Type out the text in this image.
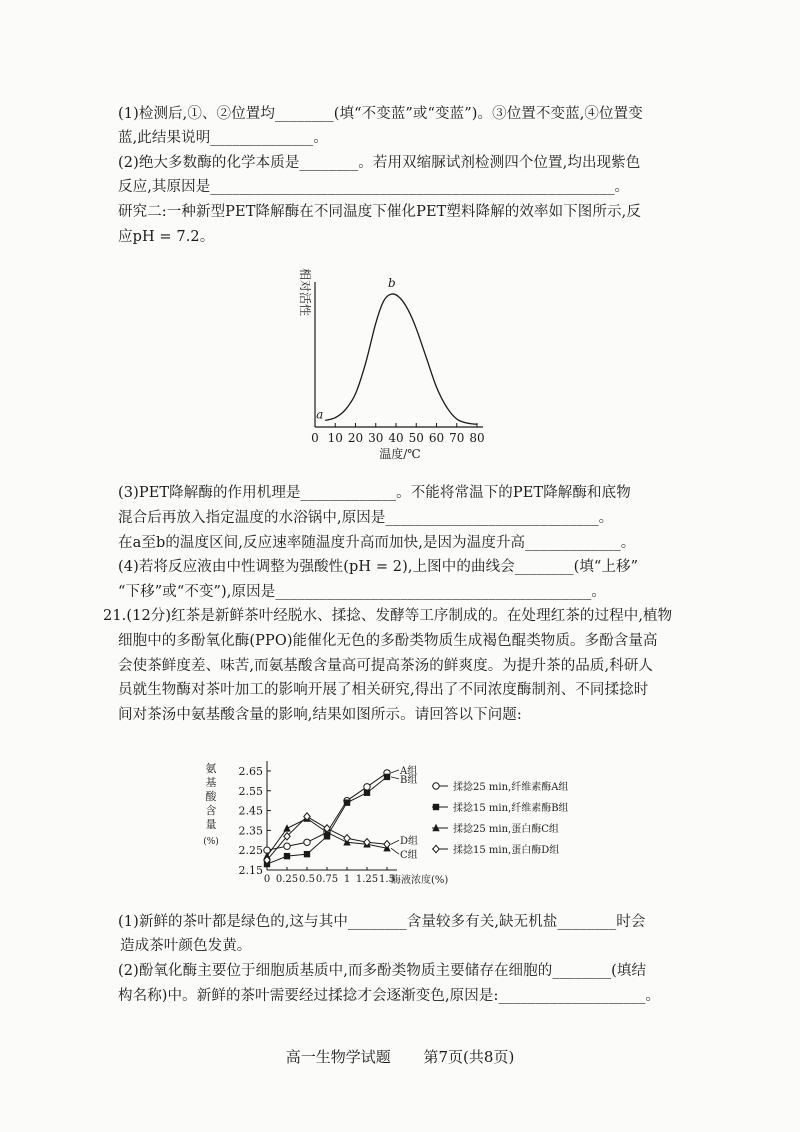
(1)检测后,①、②位置均________(填“不变蓝”或“变蓝”)。③位置不变蓝,④位置变
蓝,此结果说明______________。
(2)绝大多数酶的化学本质是________。若用双缩脲试剂检测四个位置,均出现紫色
反应,其原因是_______________________________________________________。
研究二:一种新型PET降解酶在不同温度下催化PET塑料降解的效率如下图所示,反
应pH = 7.2。
0 10 20 30 40 50 60 70 80
a
b
相对活性
温度/℃
(3)PET降解酶的作用机理是_____________。不能将常温下的PET降解酶和底物
混合后再放入指定温度的水浴锅中,原因是_____________________________。
在a至b的温度区间,反应速率随温度升高而加快,是因为温度升高_____________。
(4)若将反应液由中性调整为强酸性(pH = 2),上图中的曲线会________(填“上移”
“下移”或“不变”),原因是___________________________________________。
21.(12分)红茶是新鲜茶叶经脱水、揉捻、发酵等工序制成的。在处理红茶的过程中,植物
细胞中的多酚氧化酶(PPO)能催化无色的多酚类物质生成褐色醌类物质。多酚含量高
会使茶鲜度差、味苦,而氨基酸含量高可提高茶汤的鲜爽度。为提升茶的品质,科研人
员就生物酶对茶叶加工的影响开展了相关研究,得出了不同浓度酶制剂、不同揉捻时
间对茶汤中氨基酸含量的影响,结果如图所示。请回答以下问题:
2.15
2.25
2.35
2.45
2.55
2.65
0 0.25 0.5 0.75 1 1.25 1.5
A组
B组
C组
D组
氨基酸含量(%)
酶液浓度(%)
揉捻25 min,纤维素酶A组
揉捻15 min,纤维素酶B组
揉捻25 min,蛋白酶C组
揉捻15 min,蛋白酶D组
(1)新鲜的茶叶都是绿色的,这与其中________含量较多有关,缺无机盐________时会
造成茶叶颜色发黄。
(2)酚氧化酶主要位于细胞质基质中,而多酚类物质主要储存在细胞的________(填结
构名称)中。新鲜的茶叶需要经过揉捻才会逐渐变色,原因是:____________________。
高一生物学试题 第7页(共8页)
